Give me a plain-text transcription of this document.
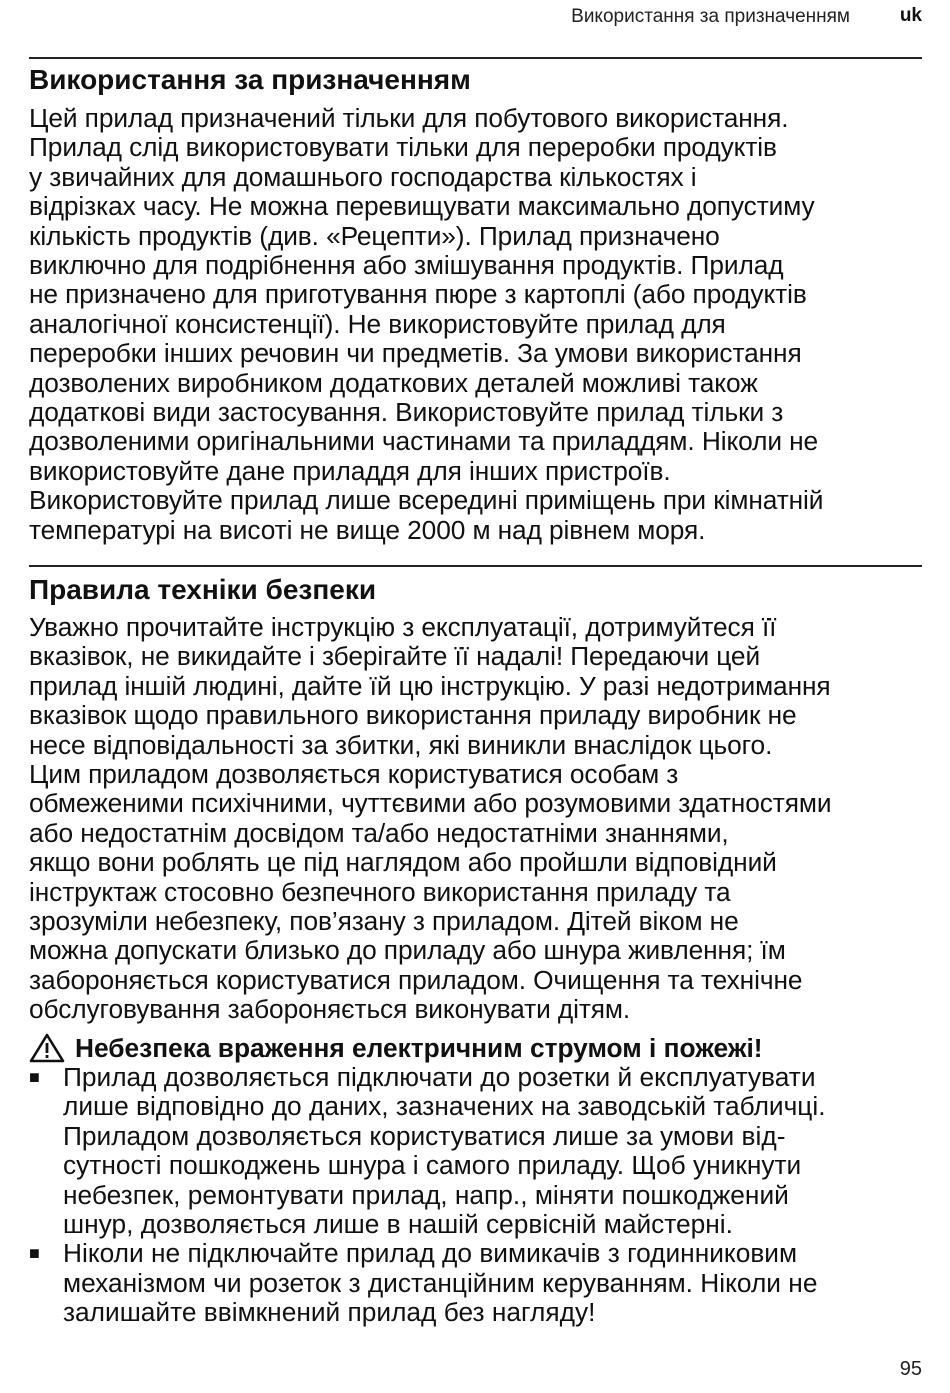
Використання за призначенням	uk
Використання за призначенням

Цей прилад призначений тільки для побутового використання.

Прилад слід використовувати тільки для переробки продуктів

у звичайних для домашнього господарства кількостях і

відрізках часу. Не можна перевищувати максимально допустиму

кількість продуктів (див. «Рецепти»). Прилад призначено

виключно для подрібнення або змішування продуктів. Прилад

не призначено для приготування пюре з картоплі (або продуктів

аналогічної консистенції). Не використовуйте прилад для

переробки інших речовин чи предметів. За умови використання

дозволених виробником додаткових деталей можливі також

додаткові види застосування. Використовуйте прилад тільки з

дозволеними оригінальними частинами та приладдям. Ніколи не

використовуйте дане приладдя для інших пристроїв.

Використовуйте прилад лише всередині приміщень при кімнатній

температурі на висоті не вище 2000 м над рівнем моря.

Правила техніки безпеки

Уважно прочитайте інструкцію з експлуатації, дотримуйтеся її

вказівок, не викидайте і зберігайте її надалі! Передаючи цей

прилад іншій людині, дайте їй цю інструкцію. У разі недотримання

вказівок щодо правильного використання приладу виробник не

несе відповідальності за збитки, які виникли внаслідок цього.

Цим приладом дозволяється користуватися особам з

обмеженими психічними, чуттєвими або розумовими здатностями

або недостатнім досвідом та/або недостатніми знаннями,

якщо вони роблять це під наглядом або пройшли відповідний

інструктаж стосовно безпечного використання приладу та

зрозуміли небезпеку, пов’язану з приладом. Дітей віком не

можна допускати близько до приладу або шнура живлення; їм

забороняється користуватися приладом. Очищення та технічне

обслуговування забороняється виконувати дітям.

Небезпека враження електричним струмом і пожежі!
■ Прилад дозволяється підключати до розетки й експлуатувати
лише відповідно до даних, зазначених на заводській табличці.
Приладом дозволяється користуватися лише за умови від-
сутності пошкоджень шнура і самого приладу. Щоб уникнути
небезпек, ремонтувати прилад, напр., міняти пошкоджений
шнур, дозволяється лише в нашій сервісній майстерні.
■ Ніколи не підключайте прилад до вимикачів з годинниковим
механізмом чи розеток з дистанційним керуванням. Ніколи не
залишайте ввімкнений прилад без нагляду!
95
